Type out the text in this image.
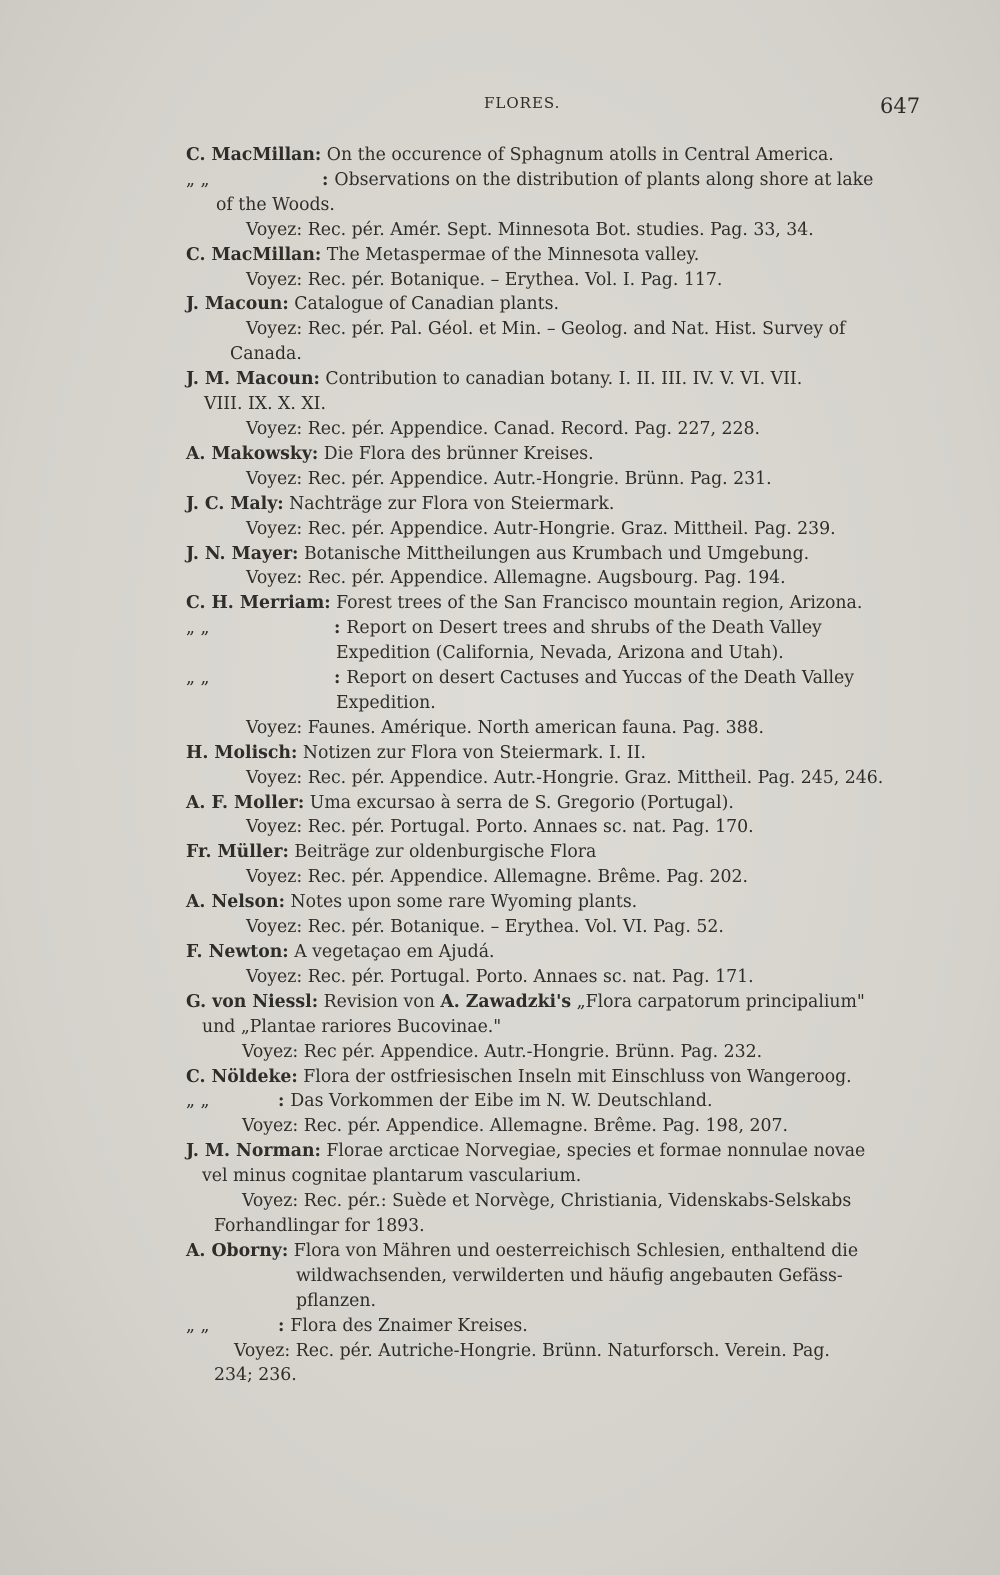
FLORES.	647
C. MacMillan: On the occurence of Sphagnum atolls in Central America.
„ „	: Observations on the distribution of plants along shore at lake
of the Woods.
Voyez: Rec. pér. Amér. Sept. Minnesota Bot. studies. Pag. 33, 34.
C. MacMillan: The Metaspermae of the Minnesota valley.
Voyez: Rec. pér. Botanique. – Erythea. Vol. I. Pag. 117.
J. Macoun: Catalogue of Canadian plants.
Voyez: Rec. pér. Pal. Géol. et Min. – Geolog. and Nat. Hist. Survey of
Canada.
J. M. Macoun: Contribution to canadian botany. I. II. III. IV. V. VI. VII.
VIII. IX. X. XI.
Voyez: Rec. pér. Appendice. Canad. Record. Pag. 227, 228.
A. Makowsky: Die Flora des brünner Kreises.
Voyez: Rec. pér. Appendice. Autr.-Hongrie. Brünn. Pag. 231.
J. C. Maly: Nachträge zur Flora von Steiermark.
Voyez: Rec. pér. Appendice. Autr-Hongrie. Graz. Mittheil. Pag. 239.
J. N. Mayer: Botanische Mittheilungen aus Krumbach und Umgebung.
Voyez: Rec. pér. Appendice. Allemagne. Augsbourg. Pag. 194.
C. H. Merriam: Forest trees of the San Francisco mountain region, Arizona.
„ „	: Report on Desert trees and shrubs of the Death Valley
Expedition (California, Nevada, Arizona and Utah).
„ „	: Report on desert Cactuses and Yuccas of the Death Valley
Expedition.
Voyez: Faunes. Amérique. North american fauna. Pag. 388.
H. Molisch: Notizen zur Flora von Steiermark. I. II.
Voyez: Rec. pér. Appendice. Autr.-Hongrie. Graz. Mittheil. Pag. 245, 246.
A. F. Moller: Uma excursao à serra de S. Gregorio (Portugal).
Voyez: Rec. pér. Portugal. Porto. Annaes sc. nat. Pag. 170.
Fr. Müller: Beiträge zur oldenburgische Flora
Voyez: Rec. pér. Appendice. Allemagne. Brême. Pag. 202.
A. Nelson: Notes upon some rare Wyoming plants.
Voyez: Rec. pér. Botanique. – Erythea. Vol. VI. Pag. 52.
F. Newton: A vegetaçao em Ajudá.
Voyez: Rec. pér. Portugal. Porto. Annaes sc. nat. Pag. 171.
G. von Niessl: Revision von A. Zawadzki's „Flora carpatorum principalium"
und „Plantae rariores Bucovinae."
Voyez: Rec pér. Appendice. Autr.-Hongrie. Brünn. Pag. 232.
C. Nöldeke: Flora der ostfriesischen Inseln mit Einschluss von Wangeroog.
„ „	: Das Vorkommen der Eibe im N. W. Deutschland.
Voyez: Rec. pér. Appendice. Allemagne. Brême. Pag. 198, 207.
J. M. Norman: Florae arcticae Norvegiae, species et formae nonnulae novae
vel minus cognitae plantarum vascularium.
Voyez: Rec. pér.: Suède et Norvège, Christiania, Videnskabs-Selskabs
Forhandlingar for 1893.
A. Oborny: Flora von Mähren und oesterreichisch Schlesien, enthaltend die
wildwachsenden, verwilderten und häufig angebauten Gefäss-
pflanzen.
„ „	: Flora des Znaimer Kreises.
Voyez: Rec. pér. Autriche-Hongrie. Brünn. Naturforsch. Verein. Pag.
234; 236.
